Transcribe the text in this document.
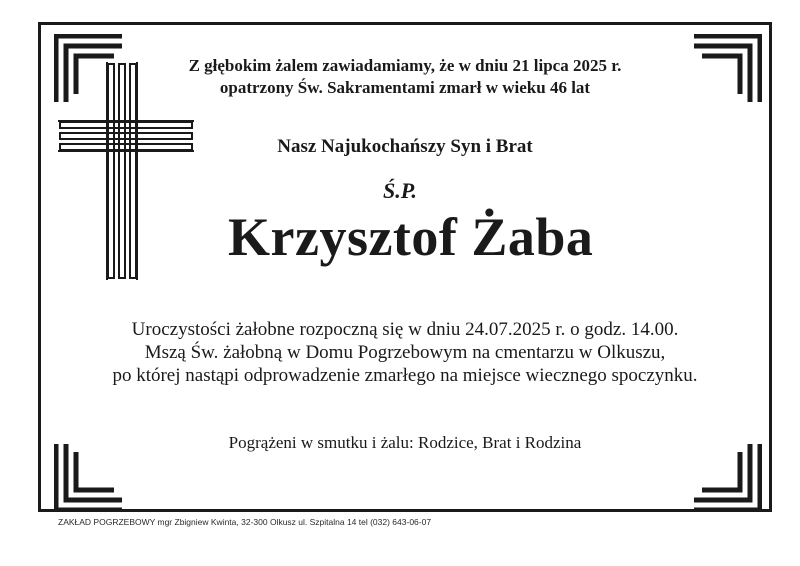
Z głębokim żalem zawiadamiamy, że w dniu 21 lipca 2025 r.
opatrzony Św. Sakramentami zmarł w wieku 46 lat
Nasz Najukochańszy Syn i Brat
Ś.P.
Krzysztof Żaba
Uroczystości żałobne rozpoczną się w dniu 24.07.2025 r. o godz. 14.00.
Mszą Św. żałobną w Domu Pogrzebowym na cmentarzu w Olkuszu,
po której nastąpi odprowadzenie zmarłego na miejsce wiecznego spoczynku.
Pogrążeni w smutku i żalu: Rodzice, Brat i Rodzina
ZAKŁAD POGRZEBOWY mgr Zbigniew Kwinta, 32-300 Olkusz ul. Szpitalna 14 tel (032) 643-06-07
